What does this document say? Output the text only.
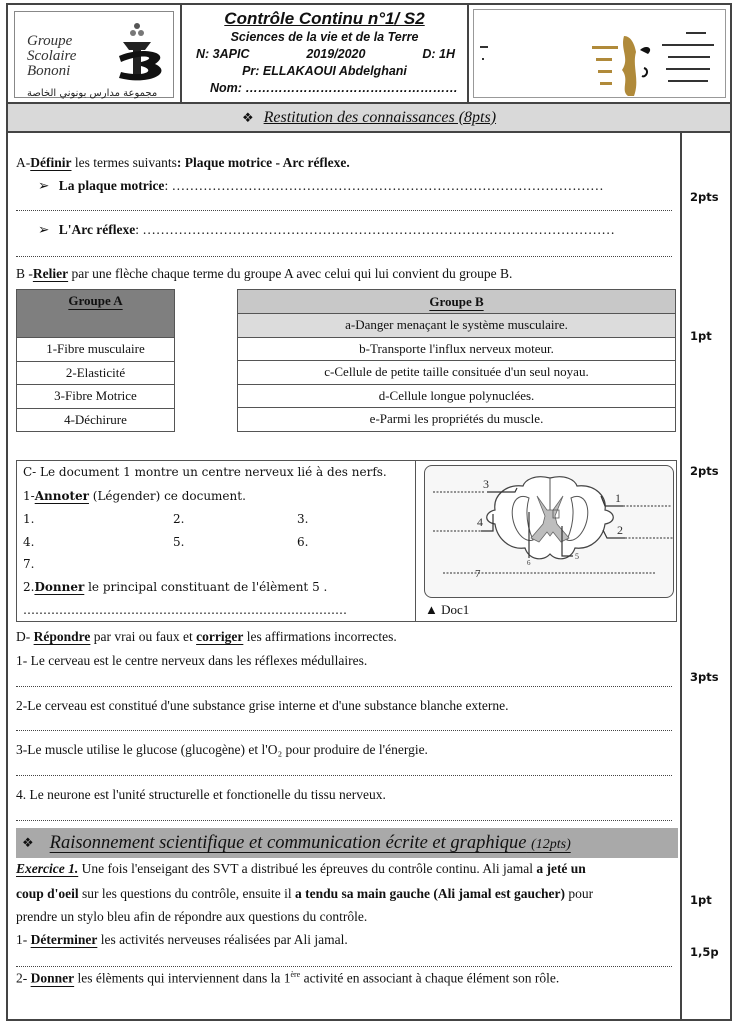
Groupe
Scolaire
Bononi
مجموعة مدارس بونوني الخاصة
Contrôle Continu n°1/ S2
Sciences de la vie et de la Terre
N: 3APIC	2019/2020	D: 1H
Pr: ELLAKAOUI Abdelghani
Nom: ……………………………………………
❖ Restitution des connaissances (8pts)
2pts
1pt
2pts
3pts
1pt
1,5p
A-Définir les termes suivants: Plaque motrice - Arc réflexe.
➢ La plaque motrice: ……………………………………………………………………………………
➢ L'Arc réflexe: ……………………………………………………………………………………………
B -Relier par une flèche chaque terme du groupe A avec celui qui lui convient du groupe B.
Groupe A
1-Fibre musculaire
2-Elasticité
3-Fibre Motrice
4-Déchirure
Groupe B
a-Danger menaçant le système musculaire.
b-Transporte l'influx nerveux moteur.
c-Cellule de petite taille consituée d'un seul noyau.
d-Cellule longue polynuclées.
e-Parmi les propriétés du muscle.
C- Le document 1 montre un centre nerveux lié à des nerfs.
1-Annoter (Légender) ce document.
1.	2.	3.
4.	5.	6.
7.
2.Donner le principal constituant de l'élèment 5 .
………………………………………………………………………
3
4
1
2
6
5
7
▲ Doc1
D- Répondre par vrai ou faux et corriger les affirmations incorrectes.
1- Le cerveau est le centre nerveux dans les réflexes médullaires.
2-Le cerveau est constitué d'une substance grise interne et d'une substance blanche externe.
3-Le muscle utilise le glucose (glucogène) et l'O₂ pour produire de l'énergie.
4. Le neurone est l'unité structurelle et fonctionelle du tissu nerveux.
❖ Raisonnement scientifique et communication écrite et graphique (12pts)
Exercice 1. Une fois l'enseigant des SVT a distribué les épreuves du contrôle continu. Ali jamal a jeté un
coup d'oeil sur les questions du contrôle, ensuite il a tendu sa main gauche (Ali jamal est gaucher) pour
prendre un stylo bleu afin de répondre aux questions du contrôle.
1- Déterminer les activités nerveuses réalisées par Ali jamal.
2- Donner les élèments qui interviennent dans la 1ère activité en associant à chaque élément son rôle.
